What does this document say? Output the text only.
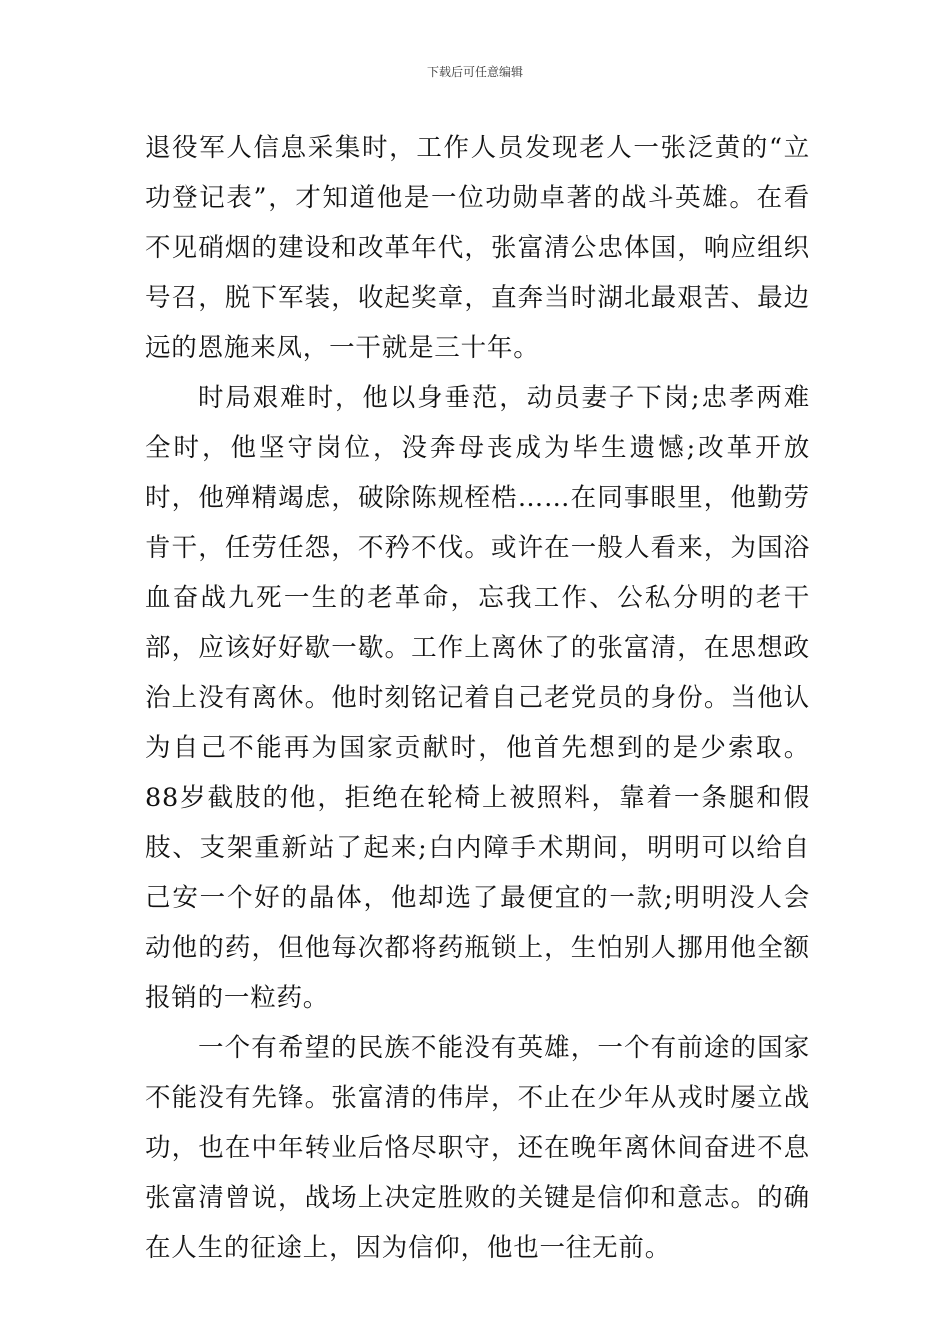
下载后可任意编辑

退役军人信息采集时，工作人员发现老人一张泛黄的“立功登记表”，才知道他是一位功勋卓著的战斗英雄。在看不见硝烟的建设和改革年代，张富清公忠体国，响应组织号召，脱下军装，收起奖章，直奔当时湖北最艰苦、最边远的恩施来凤，一干就是三十年。

时局艰难时，他以身垂范，动员妻子下岗;忠孝两难全时，他坚守岗位，没奔母丧成为毕生遗憾;改革开放时，他殚精竭虑，破除陈规桎梏……在同事眼里，他勤劳肯干，任劳任怨，不矜不伐。或许在一般人看来，为国浴血奋战九死一生的老革命，忘我工作、公私分明的老干部，应该好好歇一歇。工作上离休了的张富清，在思想政治上没有离休。他时刻铭记着自己老党员的身份。当他认为自己不能再为国家贡献时，他首先想到的是少索取。88岁截肢的他，拒绝在轮椅上被照料，靠着一条腿和假肢、支架重新站了起来;白内障手术期间，明明可以给自己安一个好的晶体，他却选了最便宜的一款;明明没人会动他的药，但他每次都将药瓶锁上，生怕别人挪用他全额报销的一粒药。

一个有希望的民族不能没有英雄，一个有前途的国家不能没有先锋。张富清的伟岸，不止在少年从戎时屡立战功，也在中年转业后恪尽职守，还在晚年离休间奋进不息张富清曾说，战场上决定胜败的关键是信仰和意志。的确在人生的征途上，因为信仰，他也一往无前。
